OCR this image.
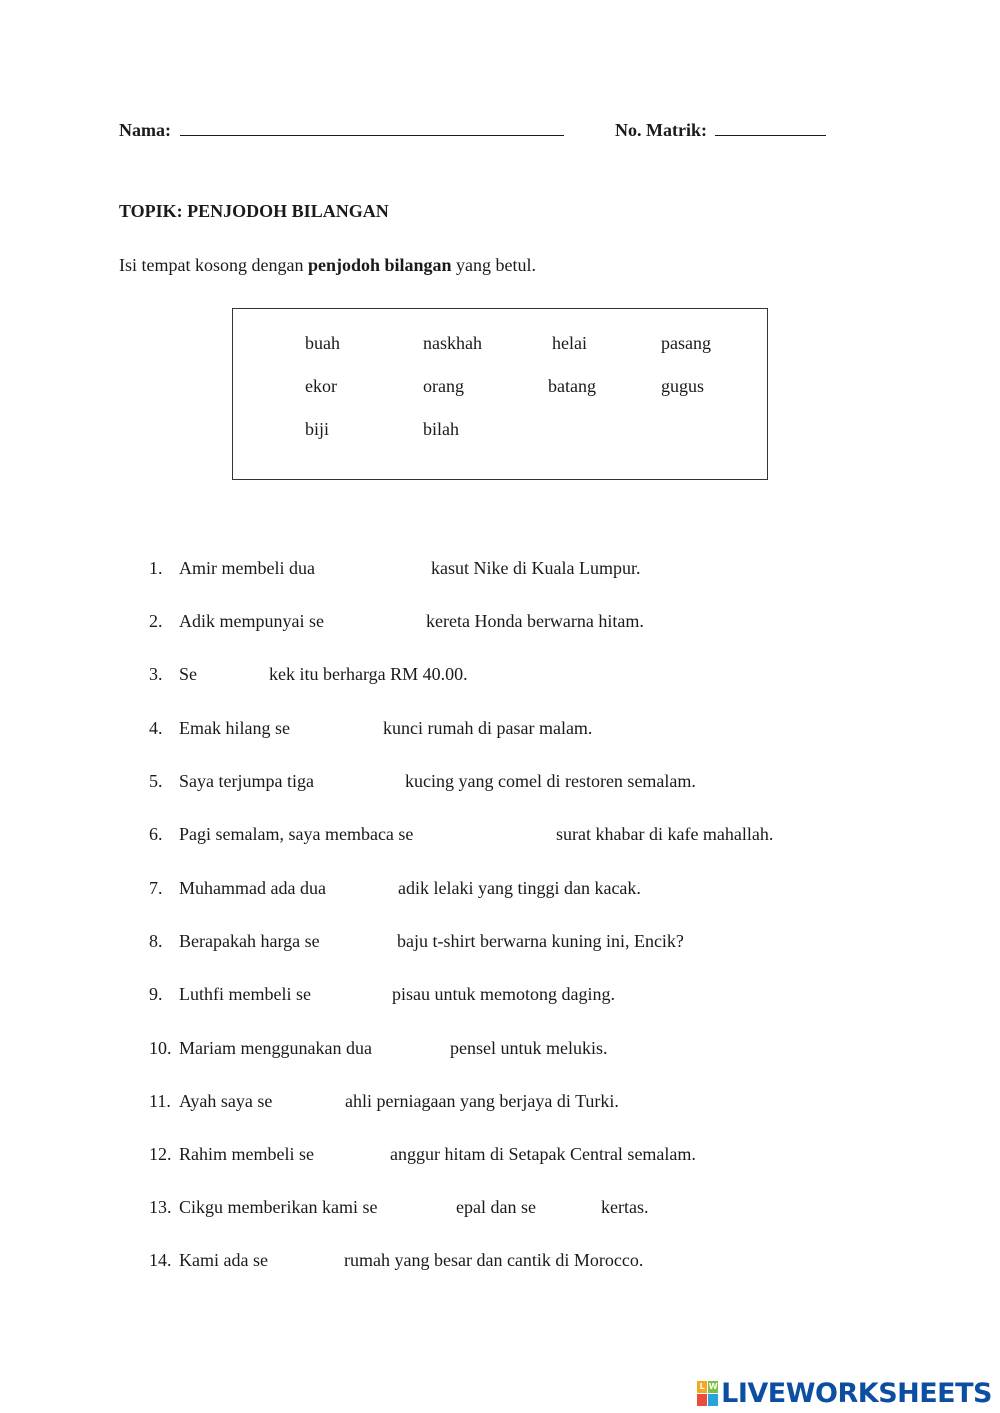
Nama:	No. Matrik:
TOPIK: PENJODOH BILANGAN
Isi tempat kosong dengan penjodoh bilangan yang betul.
buah	naskhah	helai	pasang
ekor	orang	batang	gugus
biji	bilah
1. Amir membeli dua	kasut Nike di Kuala Lumpur.
2. Adik mempunyai se	kereta Honda berwarna hitam.
3. Se	kek itu berharga RM 40.00.
4. Emak hilang se	kunci rumah di pasar malam.
5. Saya terjumpa tiga	kucing yang comel di restoren semalam.
6. Pagi semalam, saya membaca se	surat khabar di kafe mahallah.
7. Muhammad ada dua	adik lelaki yang tinggi dan kacak.
8. Berapakah harga se	baju t-shirt berwarna kuning ini, Encik?
9. Luthfi membeli se	pisau untuk memotong daging.
10. Mariam menggunakan dua	pensel untuk melukis.
11. Ayah saya se	ahli perniagaan yang berjaya di Turki.
12. Rahim membeli se	anggur hitam di Setapak Central semalam.
13. Cikgu memberikan kami se	epal dan se	kertas.
14. Kami ada se	rumah yang besar dan cantik di Morocco.
L W LIVEWORKSHEETS
